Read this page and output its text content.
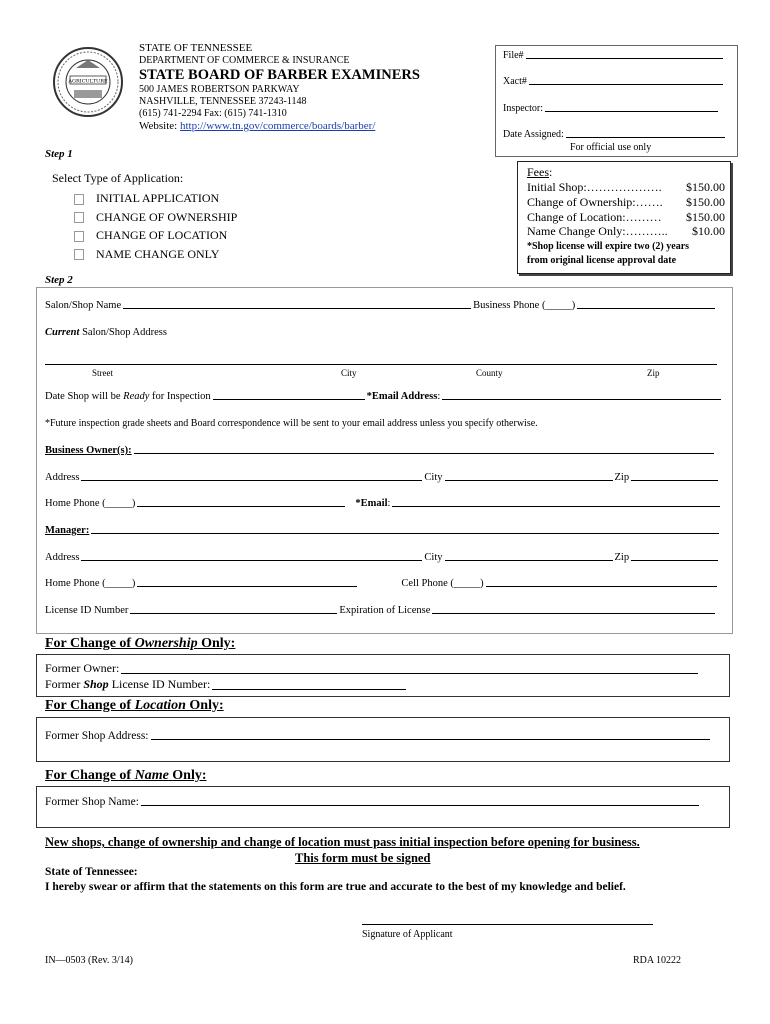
AGRICULTURE
STATE OF TENNESSEE
DEPARTMENT OF COMMERCE & INSURANCE
STATE BOARD OF BARBER EXAMINERS
500 JAMES ROBERTSON PARKWAY
NASHVILLE, TENNESSEE 37243-1148
(615) 741-2294 Fax: (615) 741-1310
Website: http://www.tn.gov/commerce/boards/barber/
File#
Xact#
Inspector:
Date Assigned:
For official use only
Step 1
Select Type of Application:
INITIAL APPLICATION
CHANGE OF OWNERSHIP
CHANGE OF LOCATION
NAME CHANGE ONLY
Fees:
Initial Shop:………………. $150.00
Change of Ownership:……. $150.00
Change of Location:……… $150.00
Name Change Only:……….. $10.00
*Shop license will expire two (2) years
from original license approval date
Step 2
Salon/Shop Name	Business Phone (_____)
Current
Salon/Shop Address
Street	City	County	Zip
Date Shop will be
Ready
for Inspection	*Email Address :
*Future inspection grade sheets and Board correspondence will be sent to your email address unless you specify otherwise.
Business Owner(s):
Address	City	Zip
Home Phone (_____)	*Email :
Manager:
Address	City	Zip
Home Phone (_____)	Cell Phone (_____)
License ID Number	Expiration of License
For Change of Ownership Only:
Former Owner:
Former
Shop
License ID Number:
For Change of Location Only:
Former Shop Address:
For Change of Name Only:
Former Shop Name:
New shops, change of ownership and change of location must pass initial inspection before opening for business.
This form must be signed
State of Tennessee:
I hereby swear or affirm that the statements on this form are true and accurate to the best of my knowledge and belief.
Signature of Applicant
IN—0503 (Rev. 3/14)	RDA 10222
